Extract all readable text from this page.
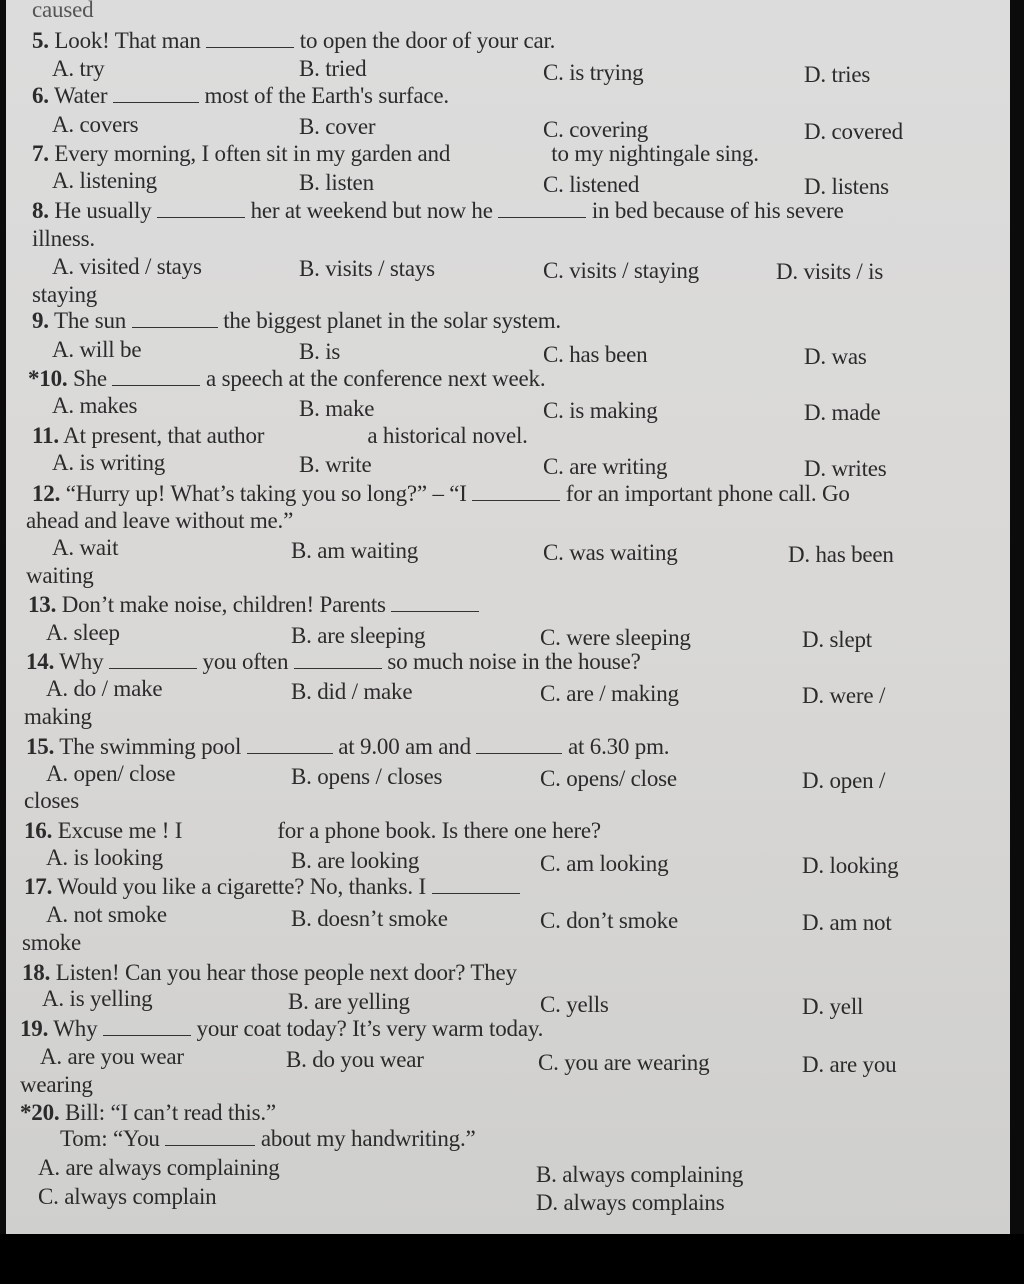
caused
5. Look! That man	to open the door of your car.
A. try	B. tried	C. is trying	D. tries
6. Water	most of the Earth's surface.
A. covers	B. cover	C. covering	D. covered
7. Every morning, I often sit in my garden and	to my nightingale sing.
A. listening	B. listen	C. listened	D. listens
8. He usually	her at weekend but now he	in bed because of his severe
illness.
A. visited / stays	B. visits / stays	C. visits / staying	D. visits / is
staying
9. The sun	the biggest planet in the solar system.
A. will be	B. is	C. has been	D. was
*10. She	a speech at the conference next week.
A. makes	B. make	C. is making	D. made
11. At present, that author	a historical novel.
A. is writing	B. write	C. are writing	D. writes
12. “Hurry up! What’s taking you so long?” – “I	for an important phone call. Go
ahead and leave without me.”
A. wait	B. am waiting	C. was waiting	D. has been
waiting
13. Don’t make noise, children! Parents
A. sleep	B. are sleeping	C. were sleeping	D. slept
14. Why	you often	so much noise in the house?
A. do / make	B. did / make	C. are / making	D. were /
making
15. The swimming pool	at 9.00 am and	at 6.30 pm.
A. open/ close	B. opens / closes	C. opens/ close	D. open /
closes
16. Excuse me ! I	for a phone book. Is there one here?
A. is looking	B. are looking	C. am looking	D. looking
17. Would you like a cigarette? No, thanks. I
A. not smoke	B. doesn’t smoke	C. don’t smoke	D. am not
smoke
18. Listen! Can you hear those people next door? They
A. is yelling	B. are yelling	C. yells	D. yell
19. Why	your coat today? It’s very warm today.
A. are you wear	B. do you wear	C. you are wearing	D. are you
wearing
*20. Bill: “I can’t read this.”
Tom: “You	about my handwriting.”
A. are always complaining	B. always complaining
C. always complain	D. always complains
